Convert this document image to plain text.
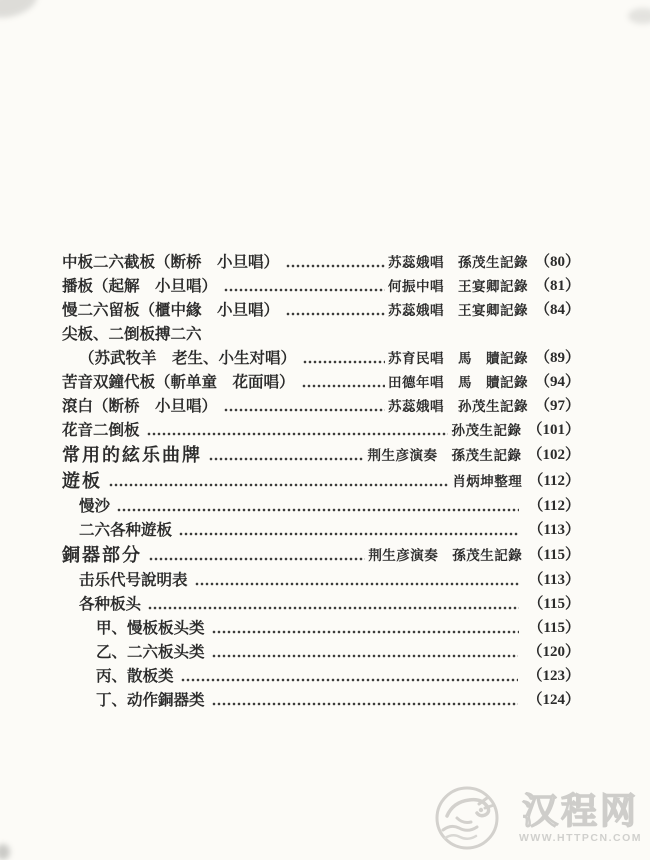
中板二六截板（断桥　小旦唱）	苏蕊娥唱　孫茂生記錄 （80）
播板（起解　小旦唱）	何振中唱　王宴卿記錄 （81）
慢二六留板（櫃中緣　小旦唱）	苏蕊娥唱　王宴卿記錄 （84）
尖板、二倒板搏二六
（苏武牧羊　老生、小生对唱）	苏育民唱　馬　贖記錄 （89）
苦音双鐘代板（斬单童　花面唱）	田德年唱　馬　贖記錄 （94）
滾白（断桥　小旦唱）	苏蕊娥唱　孙茂生記錄 （97）
花音二倒板	孙茂生記錄 （101）
常用的絃乐曲牌	荆生彦演奏　孫茂生記錄 （102）
遊板	肖炳坤整理 （112）
慢沙	（112）
二六各种遊板	（113）
銅器部分	荆生彦演奏　孫茂生記錄 （115）
击乐代号說明表	（113）
各种板头	（115）
甲、慢板板头类	（115）
乙、二六板头类	（120）
丙、散板类	（123）
丁、动作銅器类	（124）
汉程网
WWW.HTTPCN.COM
